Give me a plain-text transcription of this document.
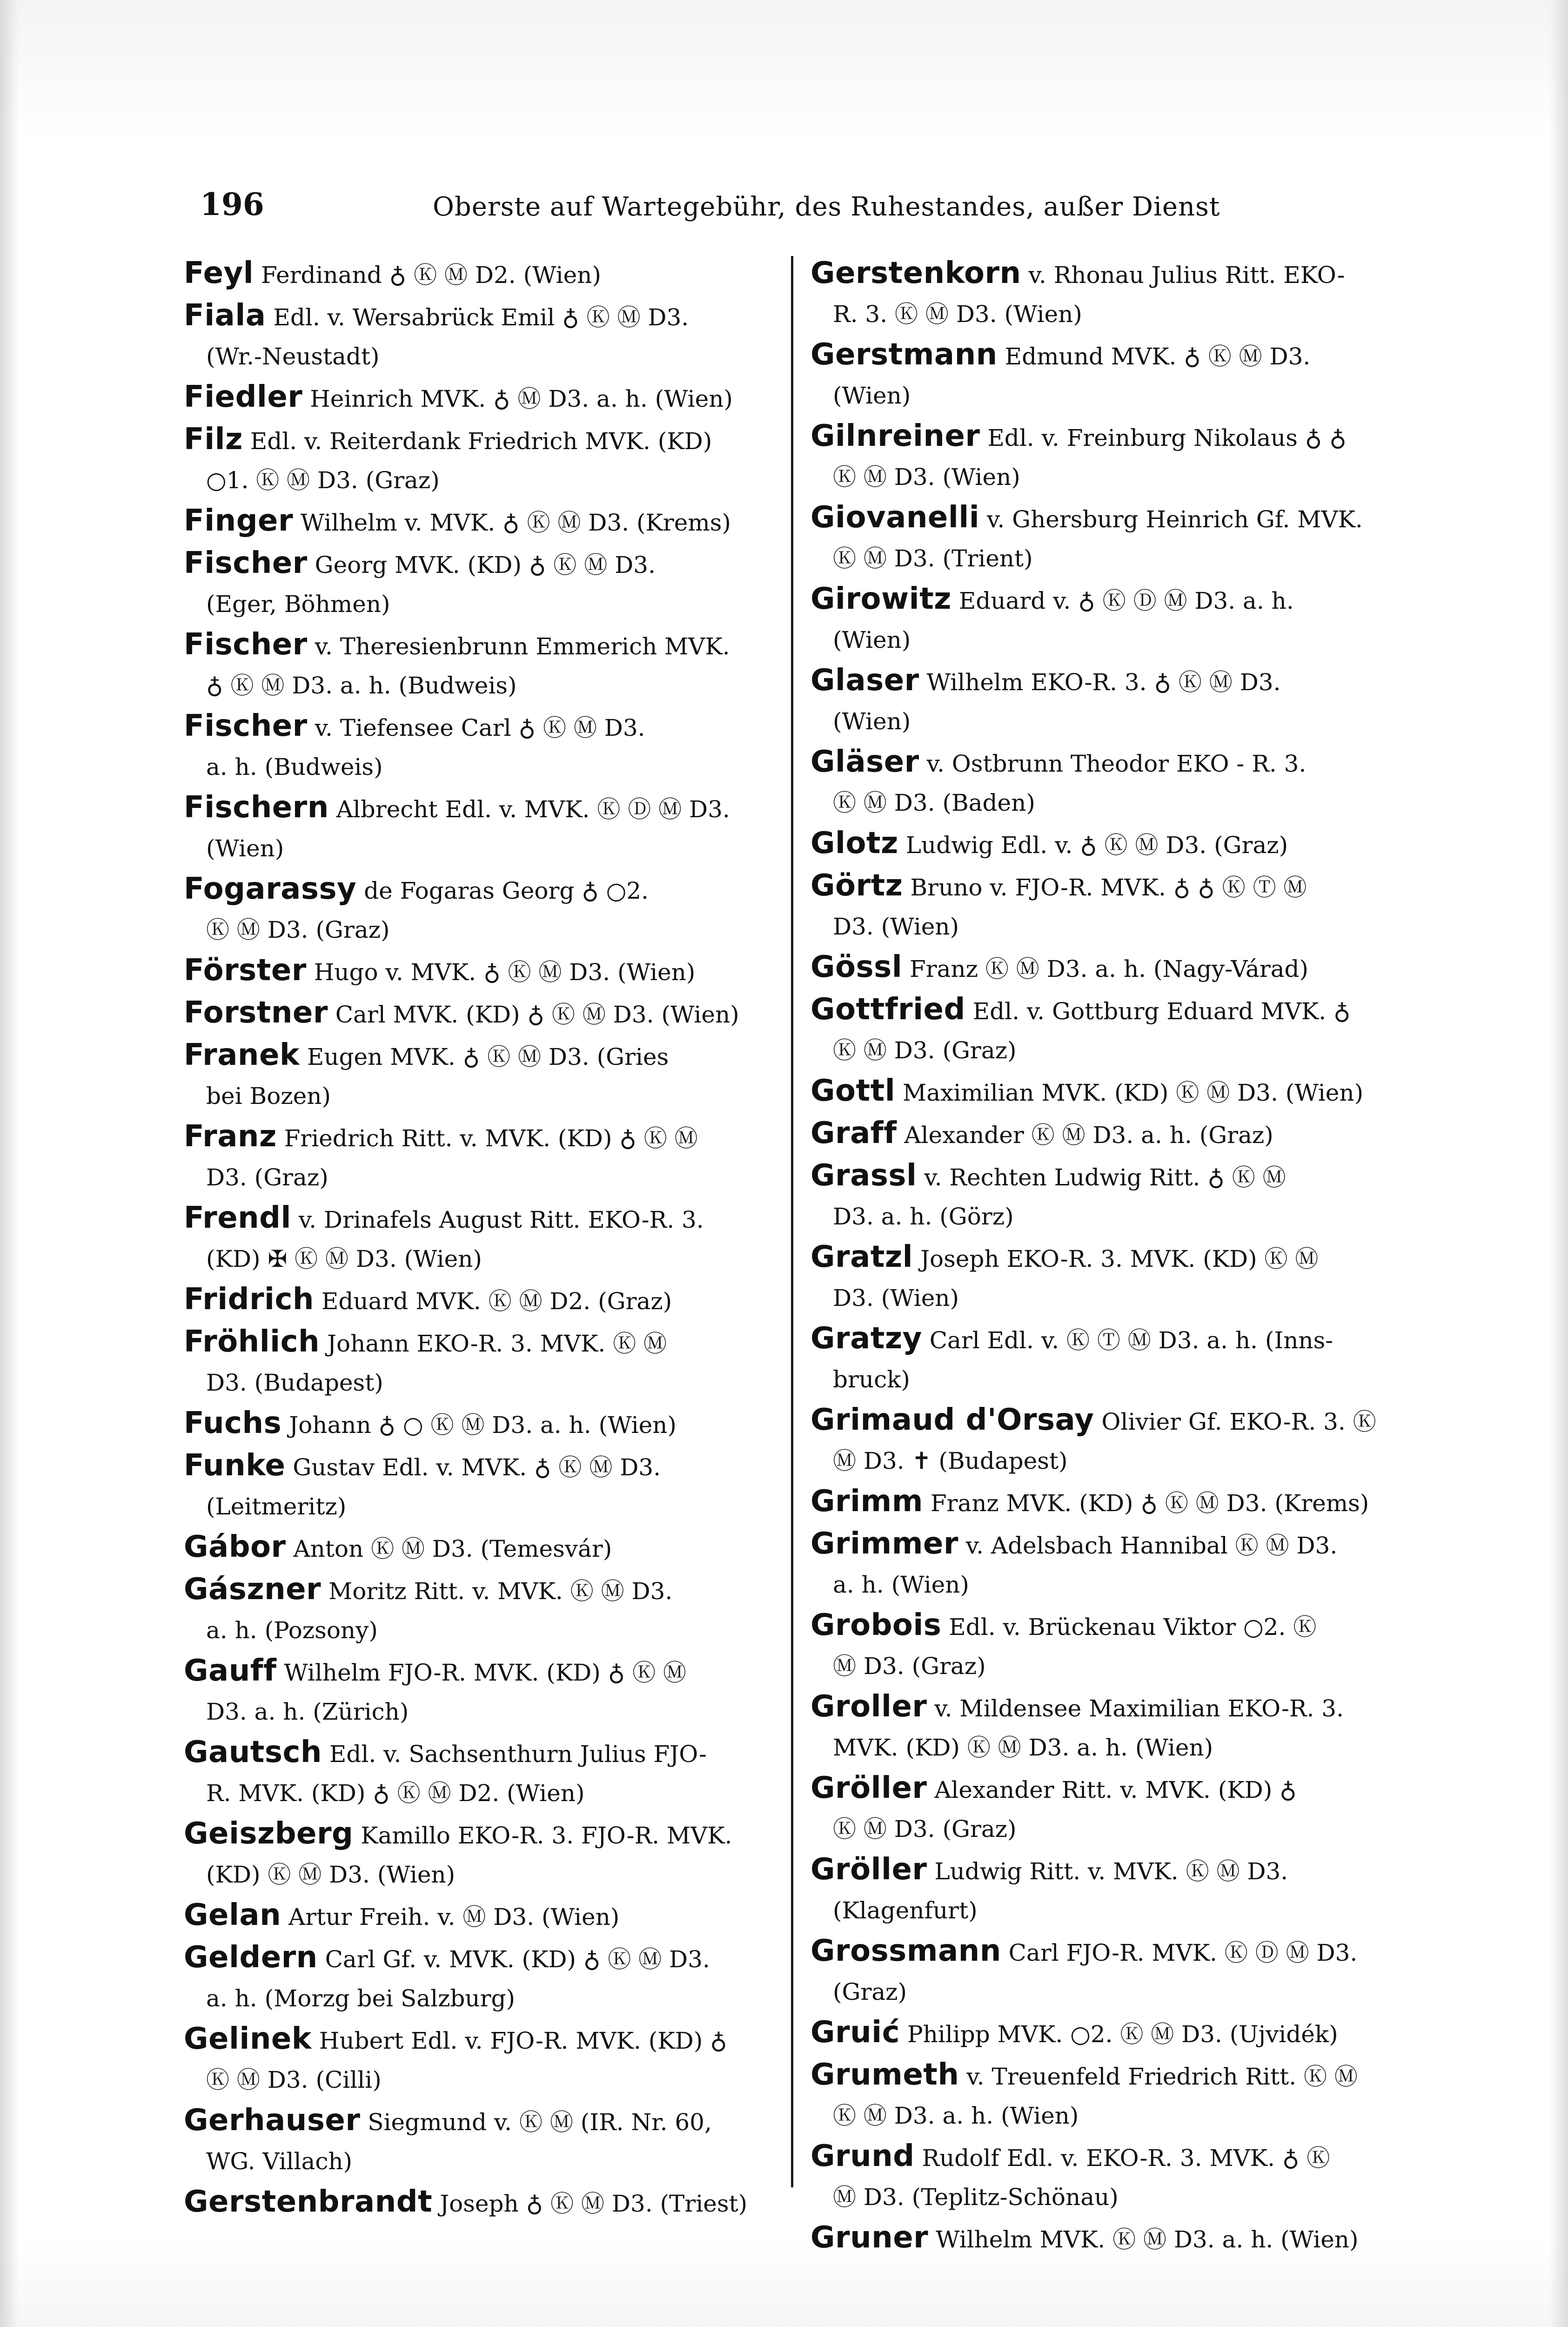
196	Oberste auf Wartegebühr, des Ruhestandes, außer Dienst
Feyl Ferdinand ♁ Ⓚ Ⓜ D2. (Wien)
Fiala Edl. v. Wersabrück Emil ♁ Ⓚ Ⓜ D3.
(Wr.-Neustadt)
Fiedler Heinrich MVK. ♁ Ⓜ D3. a. h. (Wien)
Filz Edl. v. Reiterdank Friedrich MVK. (KD)
○1. Ⓚ Ⓜ D3. (Graz)
Finger Wilhelm v. MVK. ♁ Ⓚ Ⓜ D3. (Krems)
Fischer Georg MVK. (KD) ♁ Ⓚ Ⓜ D3.
(Eger, Böhmen)
Fischer v. Theresienbrunn Emmerich MVK.
♁ Ⓚ Ⓜ D3. a. h. (Budweis)
Fischer v. Tiefensee Carl ♁ Ⓚ Ⓜ D3.
a. h. (Budweis)
Fischern Albrecht Edl. v. MVK. Ⓚ Ⓓ Ⓜ D3.
(Wien)
Fogarassy de Fogaras Georg ♁ ○2.
Ⓚ Ⓜ D3. (Graz)
Förster Hugo v. MVK. ♁ Ⓚ Ⓜ D3. (Wien)
Forstner Carl MVK. (KD) ♁ Ⓚ Ⓜ D3. (Wien)
Franek Eugen MVK. ♁ Ⓚ Ⓜ D3. (Gries
bei Bozen)
Franz Friedrich Ritt. v. MVK. (KD) ♁ Ⓚ Ⓜ
D3. (Graz)
Frendl v. Drinafels August Ritt. EKO-R. 3.
(KD) ✠ Ⓚ Ⓜ D3. (Wien)
Fridrich Eduard MVK. Ⓚ Ⓜ D2. (Graz)
Fröhlich Johann EKO-R. 3. MVK. Ⓚ Ⓜ
D3. (Budapest)
Fuchs Johann ♁ ○ Ⓚ Ⓜ D3. a. h. (Wien)
Funke Gustav Edl. v. MVK. ♁ Ⓚ Ⓜ D3.
(Leitmeritz)
Gábor Anton Ⓚ Ⓜ D3. (Temesvár)
Gászner Moritz Ritt. v. MVK. Ⓚ Ⓜ D3.
a. h. (Pozsony)
Gauff Wilhelm FJO-R. MVK. (KD) ♁ Ⓚ Ⓜ
D3. a. h. (Zürich)
Gautsch Edl. v. Sachsenthurn Julius FJO-
R. MVK. (KD) ♁ Ⓚ Ⓜ D2. (Wien)
Geiszberg Kamillo EKO-R. 3. FJO-R. MVK.
(KD) Ⓚ Ⓜ D3. (Wien)
Gelan Artur Freih. v. Ⓜ D3. (Wien)
Geldern Carl Gf. v. MVK. (KD) ♁ Ⓚ Ⓜ D3.
a. h. (Morzg bei Salzburg)
Gelinek Hubert Edl. v. FJO-R. MVK. (KD) ♁
Ⓚ Ⓜ D3. (Cilli)
Gerhauser Siegmund v. Ⓚ Ⓜ (IR. Nr. 60,
WG. Villach)
Gerstenbrandt Joseph ♁ Ⓚ Ⓜ D3. (Triest)
Gerstenkorn v. Rhonau Julius Ritt. EKO-
R. 3. Ⓚ Ⓜ D3. (Wien)
Gerstmann Edmund MVK. ♁ Ⓚ Ⓜ D3.
(Wien)
Gilnreiner Edl. v. Freinburg Nikolaus ♁ ♁
Ⓚ Ⓜ D3. (Wien)
Giovanelli v. Ghersburg Heinrich Gf. MVK.
Ⓚ Ⓜ D3. (Trient)
Girowitz Eduard v. ♁ Ⓚ Ⓓ Ⓜ D3. a. h.
(Wien)
Glaser Wilhelm EKO-R. 3. ♁ Ⓚ Ⓜ D3.
(Wien)
Gläser v. Ostbrunn Theodor EKO - R. 3.
Ⓚ Ⓜ D3. (Baden)
Glotz Ludwig Edl. v. ♁ Ⓚ Ⓜ D3. (Graz)
Görtz Bruno v. FJO-R. MVK. ♁ ♁ Ⓚ Ⓣ Ⓜ
D3. (Wien)
Gössl Franz Ⓚ Ⓜ D3. a. h. (Nagy-Várad)
Gottfried Edl. v. Gottburg Eduard MVK. ♁
Ⓚ Ⓜ D3. (Graz)
Gottl Maximilian MVK. (KD) Ⓚ Ⓜ D3. (Wien)
Graff Alexander Ⓚ Ⓜ D3. a. h. (Graz)
Grassl v. Rechten Ludwig Ritt. ♁ Ⓚ Ⓜ
D3. a. h. (Görz)
Gratzl Joseph EKO-R. 3. MVK. (KD) Ⓚ Ⓜ
D3. (Wien)
Gratzy Carl Edl. v. Ⓚ Ⓣ Ⓜ D3. a. h. (Inns-
bruck)
Grimaud d'Orsay Olivier Gf. EKO-R. 3. Ⓚ
Ⓜ D3. ✝ (Budapest)
Grimm Franz MVK. (KD) ♁ Ⓚ Ⓜ D3. (Krems)
Grimmer v. Adelsbach Hannibal Ⓚ Ⓜ D3.
a. h. (Wien)
Grobois Edl. v. Brückenau Viktor ○2. Ⓚ
Ⓜ D3. (Graz)
Groller v. Mildensee Maximilian EKO-R. 3.
MVK. (KD) Ⓚ Ⓜ D3. a. h. (Wien)
Gröller Alexander Ritt. v. MVK. (KD) ♁
Ⓚ Ⓜ D3. (Graz)
Gröller Ludwig Ritt. v. MVK. Ⓚ Ⓜ D3.
(Klagenfurt)
Grossmann Carl FJO-R. MVK. Ⓚ Ⓓ Ⓜ D3.
(Graz)
Gruić Philipp MVK. ○2. Ⓚ Ⓜ D3. (Ujvidék)
Grumeth v. Treuenfeld Friedrich Ritt. Ⓚ Ⓜ
Ⓚ Ⓜ D3. a. h. (Wien)
Grund Rudolf Edl. v. EKO-R. 3. MVK. ♁ Ⓚ
Ⓜ D3. (Teplitz-Schönau)
Gruner Wilhelm MVK. Ⓚ Ⓜ D3. a. h. (Wien)
